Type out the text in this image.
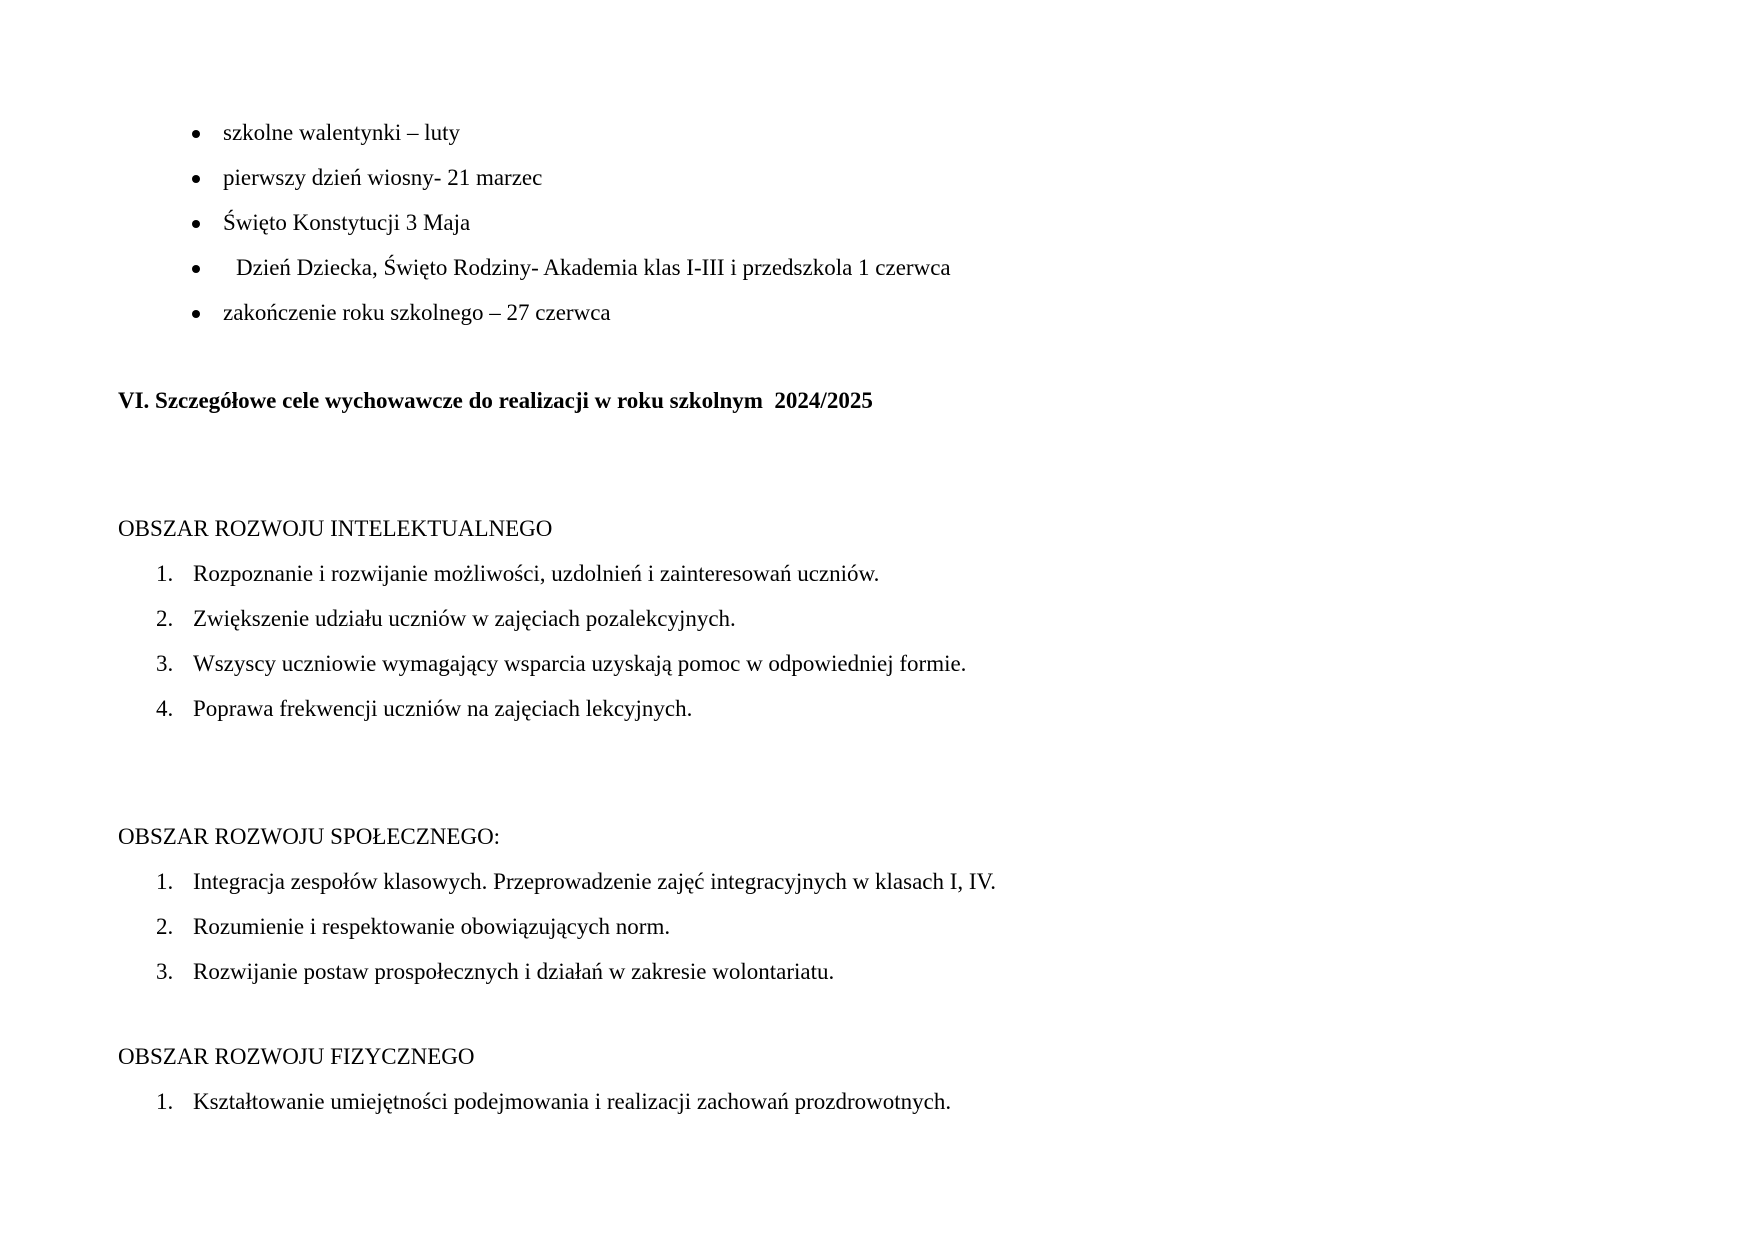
szkolne walentynki – luty
pierwszy dzień wiosny- 21 marzec
Święto Konstytucji 3 Maja
Dzień Dziecka, Święto Rodziny- Akademia klas I-III i przedszkola 1 czerwca
zakończenie roku szkolnego – 27 czerwca
VI. Szczegółowe cele wychowawcze do realizacji w roku szkolnym  2024/2025
OBSZAR ROZWOJU INTELEKTUALNEGO
1. Rozpoznanie i rozwijanie możliwości, uzdolnień i zainteresowań uczniów.
2. Zwiększenie udziału uczniów w zajęciach pozalekcyjnych.
3. Wszyscy uczniowie wymagający wsparcia uzyskają pomoc w odpowiedniej formie.
4. Poprawa frekwencji uczniów na zajęciach lekcyjnych.
OBSZAR ROZWOJU SPOŁECZNEGO:
1. Integracja zespołów klasowych. Przeprowadzenie zajęć integracyjnych w klasach I, IV.
2. Rozumienie i respektowanie obowiązujących norm.
3. Rozwijanie postaw prospołecznych i działań w zakresie wolontariatu.
OBSZAR ROZWOJU FIZYCZNEGO
1. Kształtowanie umiejętności podejmowania i realizacji zachowań prozdrowotnych.
